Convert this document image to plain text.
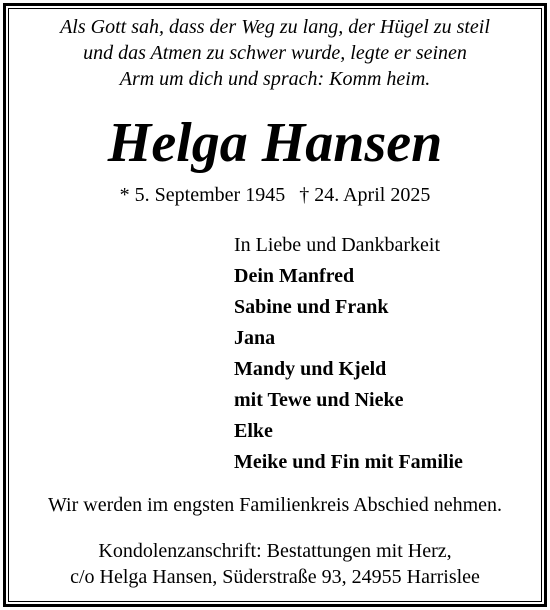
Als Gott sah, dass der Weg zu lang, der Hügel zu steil
und das Atmen zu schwer wurde, legte er seinen
Arm um dich und sprach: Komm heim.
Helga Hansen
* 5. September 1945 † 24. April 2025
In Liebe und Dankbarkeit
Dein Manfred
Sabine und Frank
Jana
Mandy und Kjeld
mit Tewe und Nieke
Elke
Meike und Fin mit Familie
Wir werden im engsten Familienkreis Abschied nehmen.
Kondolenzanschrift: Bestattungen mit Herz,
c/o Helga Hansen, Süderstraße 93, 24955 Harrislee
